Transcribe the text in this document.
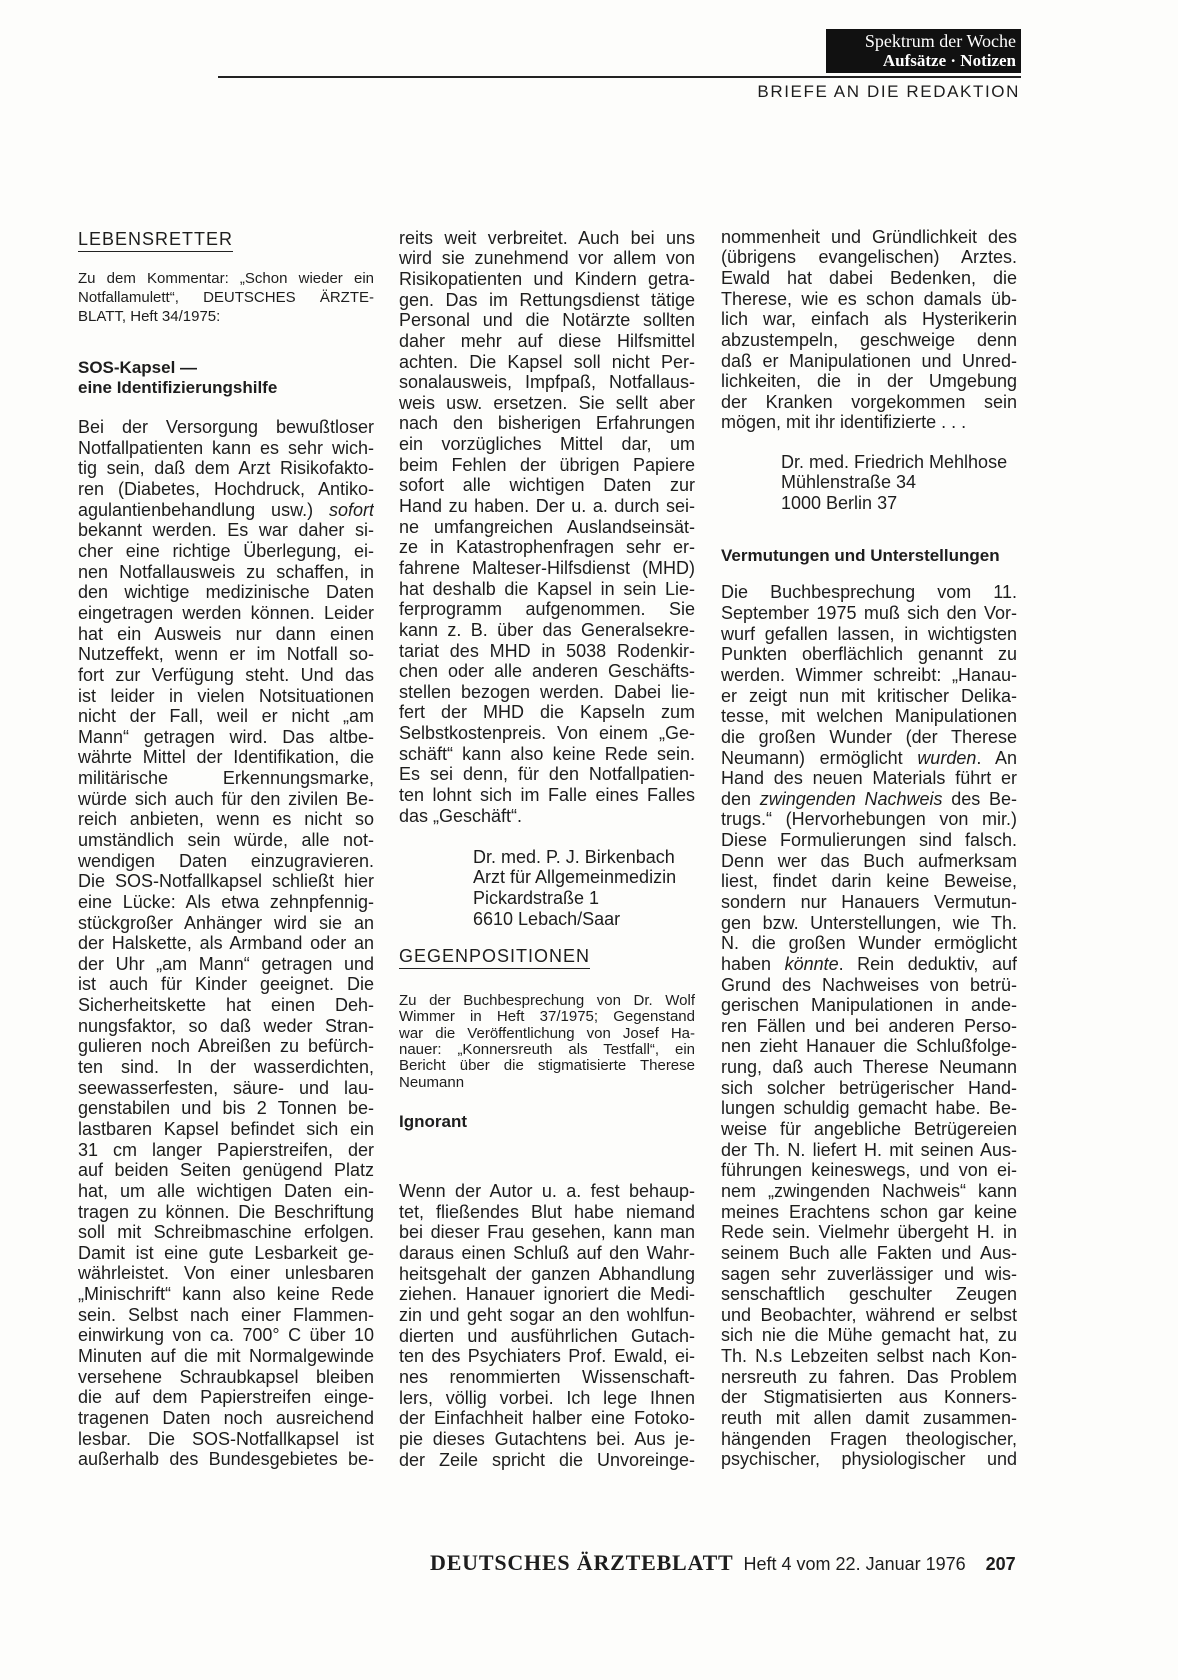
Spektrum der Woche
Aufsätze · Notizen
BRIEFE AN DIE REDAKTION
LEBENSRETTER
Zu dem Kommentar: „Schon wieder ein
Notfallamulett“, DEUTSCHES ÄRZTE-
BLATT, Heft 34/1975:
SOS-Kapsel —
eine Identifizierungshilfe
Bei der Versorgung bewußtloser
Notfallpatienten kann es sehr wich-
tig sein, daß dem Arzt Risikofakto-
ren (Diabetes, Hochdruck, Antiko-
agulantienbehandlung usw.) sofort
bekannt werden. Es war daher si-
cher eine richtige Überlegung, ei-
nen Notfallausweis zu schaffen, in
den wichtige medizinische Daten
eingetragen werden können. Leider
hat ein Ausweis nur dann einen
Nutzeffekt, wenn er im Notfall so-
fort zur Verfügung steht. Und das
ist leider in vielen Notsituationen
nicht der Fall, weil er nicht „am
Mann“ getragen wird. Das altbe-
währte Mittel der Identifikation, die
militärische Erkennungsmarke,
würde sich auch für den zivilen Be-
reich anbieten, wenn es nicht so
umständlich sein würde, alle not-
wendigen Daten einzugravieren.
Die SOS-Notfallkapsel schließt hier
eine Lücke: Als etwa zehnpfennig-
stückgroßer Anhänger wird sie an
der Halskette, als Armband oder an
der Uhr „am Mann“ getragen und
ist auch für Kinder geeignet. Die
Sicherheitskette hat einen Deh-
nungsfaktor, so daß weder Stran-
gulieren noch Abreißen zu befürch-
ten sind. In der wasserdichten,
seewasserfesten, säure- und lau-
genstabilen und bis 2 Tonnen be-
lastbaren Kapsel befindet sich ein
31 cm langer Papierstreifen, der
auf beiden Seiten genügend Platz
hat, um alle wichtigen Daten ein-
tragen zu können. Die Beschriftung
soll mit Schreibmaschine erfolgen.
Damit ist eine gute Lesbarkeit ge-
währleistet. Von einer unlesbaren
„Minischrift“ kann also keine Rede
sein. Selbst nach einer Flammen-
einwirkung von ca. 700° C über 10
Minuten auf die mit Normalgewinde
versehene Schraubkapsel bleiben
die auf dem Papierstreifen einge-
tragenen Daten noch ausreichend
lesbar. Die SOS-Notfallkapsel ist
außerhalb des Bundesgebietes be-
reits weit verbreitet. Auch bei uns
wird sie zunehmend vor allem von
Risikopatienten und Kindern getra-
gen. Das im Rettungsdienst tätige
Personal und die Notärzte sollten
daher mehr auf diese Hilfsmittel
achten. Die Kapsel soll nicht Per-
sonalausweis, Impfpaß, Notfallaus-
weis usw. ersetzen. Sie sellt aber
nach den bisherigen Erfahrungen
ein vorzügliches Mittel dar, um
beim Fehlen der übrigen Papiere
sofort alle wichtigen Daten zur
Hand zu haben. Der u. a. durch sei-
ne umfangreichen Auslandseinsät-
ze in Katastrophenfragen sehr er-
fahrene Malteser-Hilfsdienst (MHD)
hat deshalb die Kapsel in sein Lie-
ferprogramm aufgenommen. Sie
kann z. B. über das Generalsekre-
tariat des MHD in 5038 Rodenkir-
chen oder alle anderen Geschäfts-
stellen bezogen werden. Dabei lie-
fert der MHD die Kapseln zum
Selbstkostenpreis. Von einem „Ge-
schäft“ kann also keine Rede sein.
Es sei denn, für den Notfallpatien-
ten lohnt sich im Falle eines Falles
das „Geschäft“.
Dr. med. P. J. Birkenbach
Arzt für Allgemeinmedizin
Pickardstraße 1
6610 Lebach/Saar
GEGENPOSITIONEN
Zu der Buchbesprechung von Dr. Wolf
Wimmer in Heft 37/1975; Gegenstand
war die Veröffentlichung von Josef Ha-
nauer: „Konnersreuth als Testfall“, ein
Bericht über die stigmatisierte Therese
Neumann
Ignorant
Wenn der Autor u. a. fest behaup-
tet, fließendes Blut habe niemand
bei dieser Frau gesehen, kann man
daraus einen Schluß auf den Wahr-
heitsgehalt der ganzen Abhandlung
ziehen. Hanauer ignoriert die Medi-
zin und geht sogar an den wohlfun-
dierten und ausführlichen Gutach-
ten des Psychiaters Prof. Ewald, ei-
nes renommierten Wissenschaft-
lers, völlig vorbei. Ich lege Ihnen
der Einfachheit halber eine Fotoko-
pie dieses Gutachtens bei. Aus je-
der Zeile spricht die Unvoreinge-
nommenheit und Gründlichkeit des
(übrigens evangelischen) Arztes.
Ewald hat dabei Bedenken, die
Therese, wie es schon damals üb-
lich war, einfach als Hysterikerin
abzustempeln, geschweige denn
daß er Manipulationen und Unred-
lichkeiten, die in der Umgebung
der Kranken vorgekommen sein
mögen, mit ihr identifizierte . . .
Dr. med. Friedrich Mehlhose
Mühlenstraße 34
1000 Berlin 37
Vermutungen und Unterstellungen
Die Buchbesprechung vom 11.
September 1975 muß sich den Vor-
wurf gefallen lassen, in wichtigsten
Punkten oberflächlich genannt zu
werden. Wimmer schreibt: „Hanau-
er zeigt nun mit kritischer Delika-
tesse, mit welchen Manipulationen
die großen Wunder (der Therese
Neumann) ermöglicht wurden. An
Hand des neuen Materials führt er
den zwingenden Nachweis des Be-
trugs.“ (Hervorhebungen von mir.)
Diese Formulierungen sind falsch.
Denn wer das Buch aufmerksam
liest, findet darin keine Beweise,
sondern nur Hanauers Vermutun-
gen bzw. Unterstellungen, wie Th.
N. die großen Wunder ermöglicht
haben könnte. Rein deduktiv, auf
Grund des Nachweises von betrü-
gerischen Manipulationen in ande-
ren Fällen und bei anderen Perso-
nen zieht Hanauer die Schlußfolge-
rung, daß auch Therese Neumann
sich solcher betrügerischer Hand-
lungen schuldig gemacht habe. Be-
weise für angebliche Betrügereien
der Th. N. liefert H. mit seinen Aus-
führungen keineswegs, und von ei-
nem „zwingenden Nachweis“ kann
meines Erachtens schon gar keine
Rede sein. Vielmehr übergeht H. in
seinem Buch alle Fakten und Aus-
sagen sehr zuverlässiger und wis-
senschaftlich geschulter Zeugen
und Beobachter, während er selbst
sich nie die Mühe gemacht hat, zu
Th. N.s Lebzeiten selbst nach Kon-
nersreuth zu fahren. Das Problem
der Stigmatisierten aus Konners-
reuth mit allen damit zusammen-
hängenden Fragen theologischer,
psychischer, physiologischer und
DEUTSCHES ÄRZTEBLATT Heft 4 vom 22. Januar 1976 207
